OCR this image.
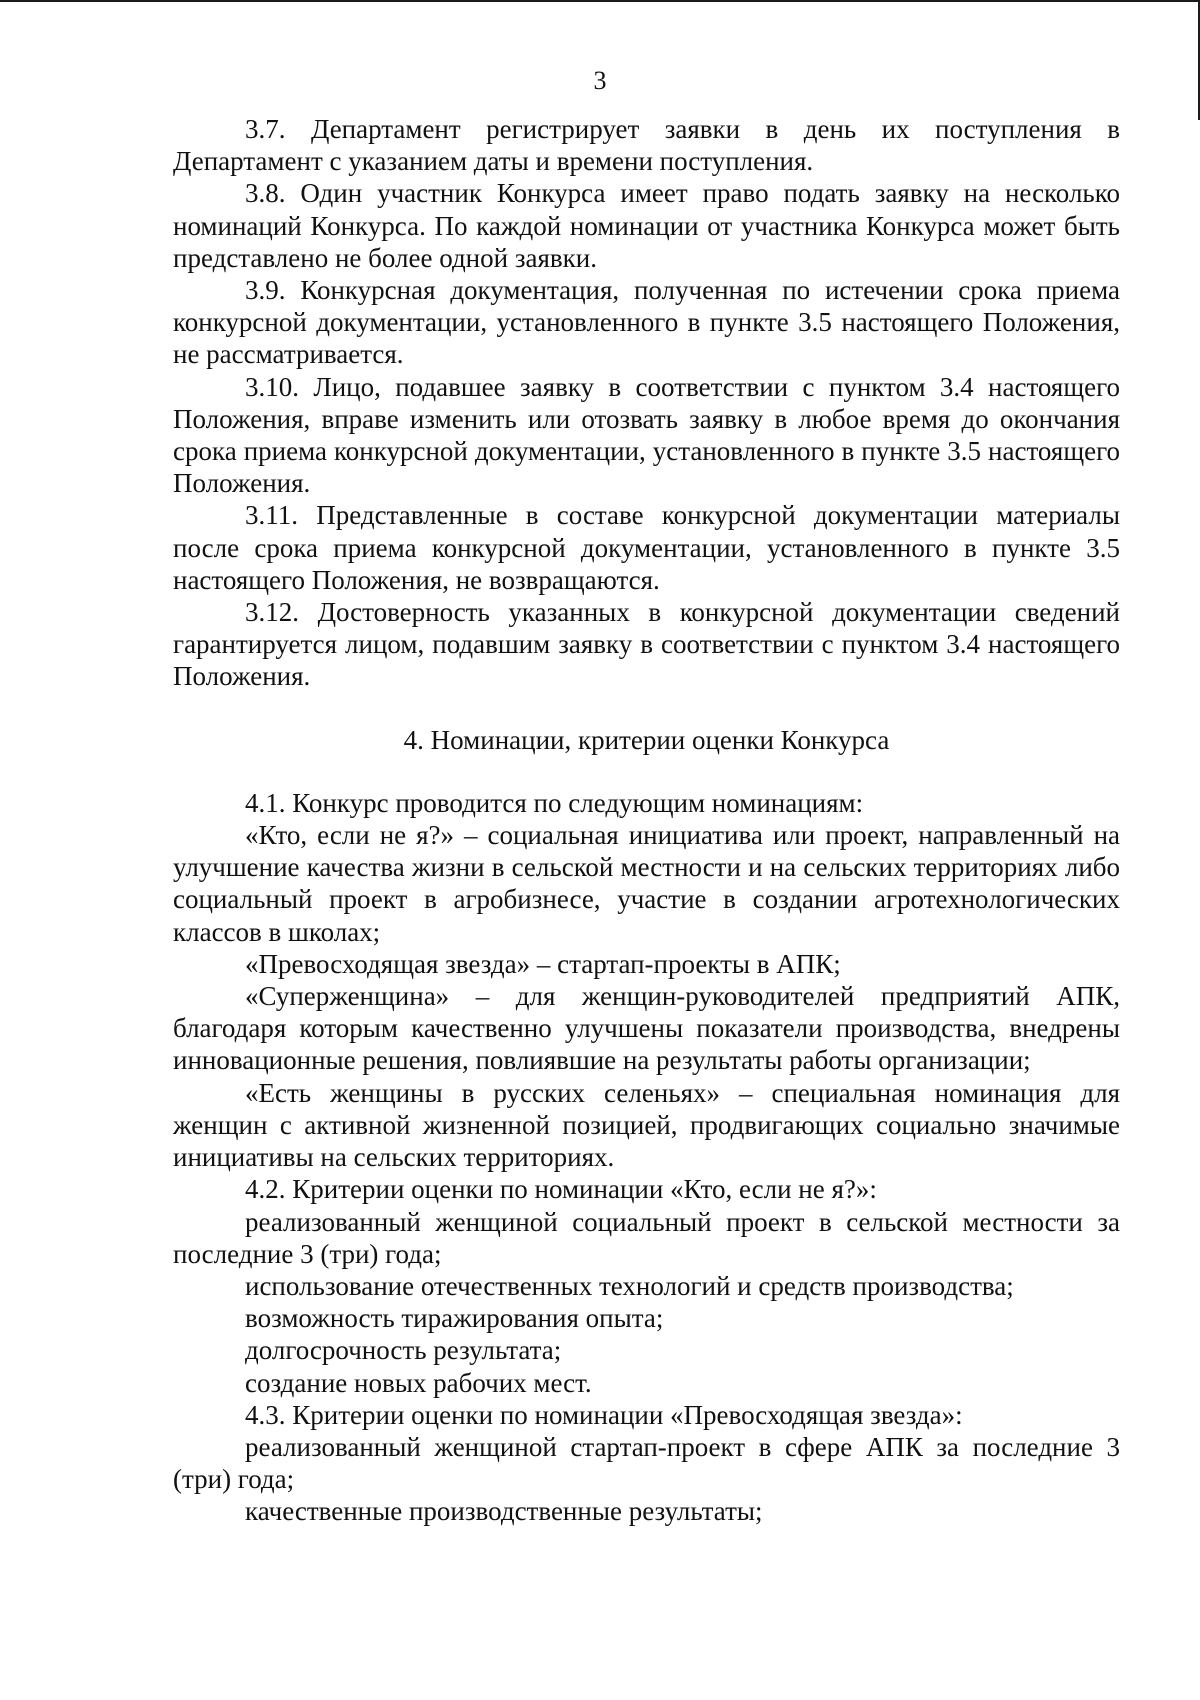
3

3.7. Департамент регистрирует заявки в день их поступления в Департамент с указанием даты и времени поступления.

3.8. Один участник Конкурса имеет право подать заявку на несколько номинаций Конкурса. По каждой номинации от участника Конкурса может быть представлено не более одной заявки.

3.9. Конкурсная документация, полученная по истечении срока приема конкурсной документации, установленного в пункте 3.5 настоящего Положения, не рассматривается.

3.10. Лицо, подавшее заявку в соответствии с пунктом 3.4 настоящего Положения, вправе изменить или отозвать заявку в любое время до окончания срока приема конкурсной документации, установленного в пункте 3.5 настоящего Положения.

3.11. Представленные в составе конкурсной документации материалы после срока приема конкурсной документации, установленного в пункте 3.5 настоящего Положения, не возвращаются.

3.12. Достоверность указанных в конкурсной документации сведений гарантируется лицом, подавшим заявку в соответствии с пунктом 3.4 настоящего Положения.

4. Номинации, критерии оценки Конкурса

4.1. Конкурс проводится по следующим номинациям:

«Кто, если не я?» – социальная инициатива или проект, направленный на улучшение качества жизни в сельской местности и на сельских территориях либо социальный проект в агробизнесе, участие в создании агротехнологических классов в школах;

«Превосходящая звезда» – стартап-проекты в АПК;

«Суперженщина» – для женщин-руководителей предприятий АПК, благодаря которым качественно улучшены показатели производства, внедрены инновационные решения, повлиявшие на результаты работы организации;

«Есть женщины в русских селеньях» – специальная номинация для женщин с активной жизненной позицией, продвигающих социально значимые инициативы на сельских территориях.

4.2. Критерии оценки по номинации «Кто, если не я?»:

реализованный женщиной социальный проект в сельской местности за последние 3 (три) года;

использование отечественных технологий и средств производства;

возможность тиражирования опыта;

долгосрочность результата;

создание новых рабочих мест.

4.3. Критерии оценки по номинации «Превосходящая звезда»:

реализованный женщиной стартап-проект в сфере АПК за последние 3 (три) года;

качественные производственные результаты;
